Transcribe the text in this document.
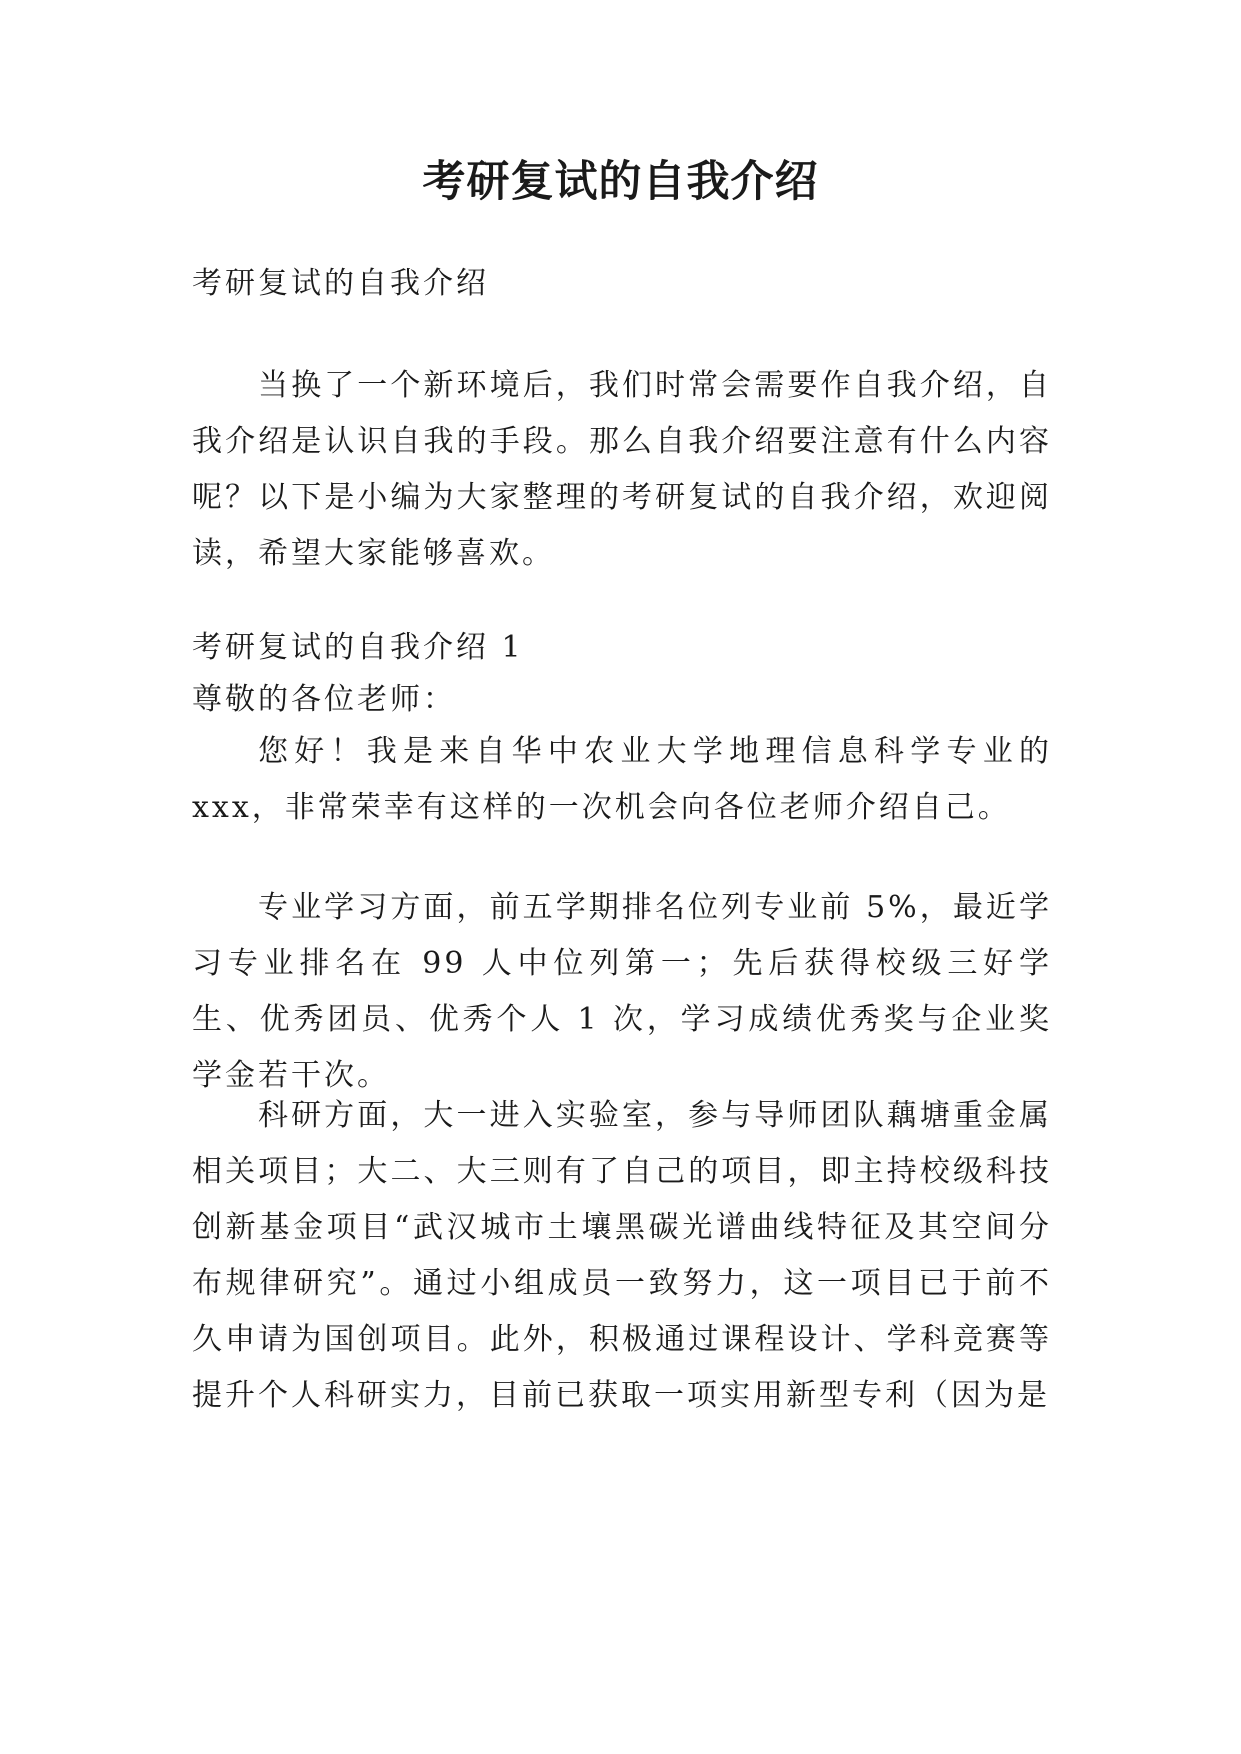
考研复试的自我介绍

考研复试的自我介绍

当换了一个新环境后，我们时常会需要作自我介绍，自我介绍是认识自我的手段。那么自我介绍要注意有什么内容呢？以下是小编为大家整理的考研复试的自我介绍，欢迎阅读，希望大家能够喜欢。

考研复试的自我介绍 1

尊敬的各位老师：

您好！我是来自华中农业大学地理信息科学专业的 xxx，非常荣幸有这样的一次机会向各位老师介绍自己。

专业学习方面，前五学期排名位列专业前 5%，最近学习专业排名在 99 人中位列第一；先后获得校级三好学生、优秀团员、优秀个人 1 次，学习成绩优秀奖与企业奖学金若干次。

科研方面，大一进入实验室，参与导师团队藕塘重金属相关项目；大二、大三则有了自己的项目，即主持校级科技创新基金项目“武汉城市土壤黑碳光谱曲线特征及其空间分布规律研究”。通过小组成员一致努力，这一项目已于前不久申请为国创项目。此外，积极通过课程设计、学科竞赛等提升个人科研实力，目前已获取一项实用新型专利（因为是
